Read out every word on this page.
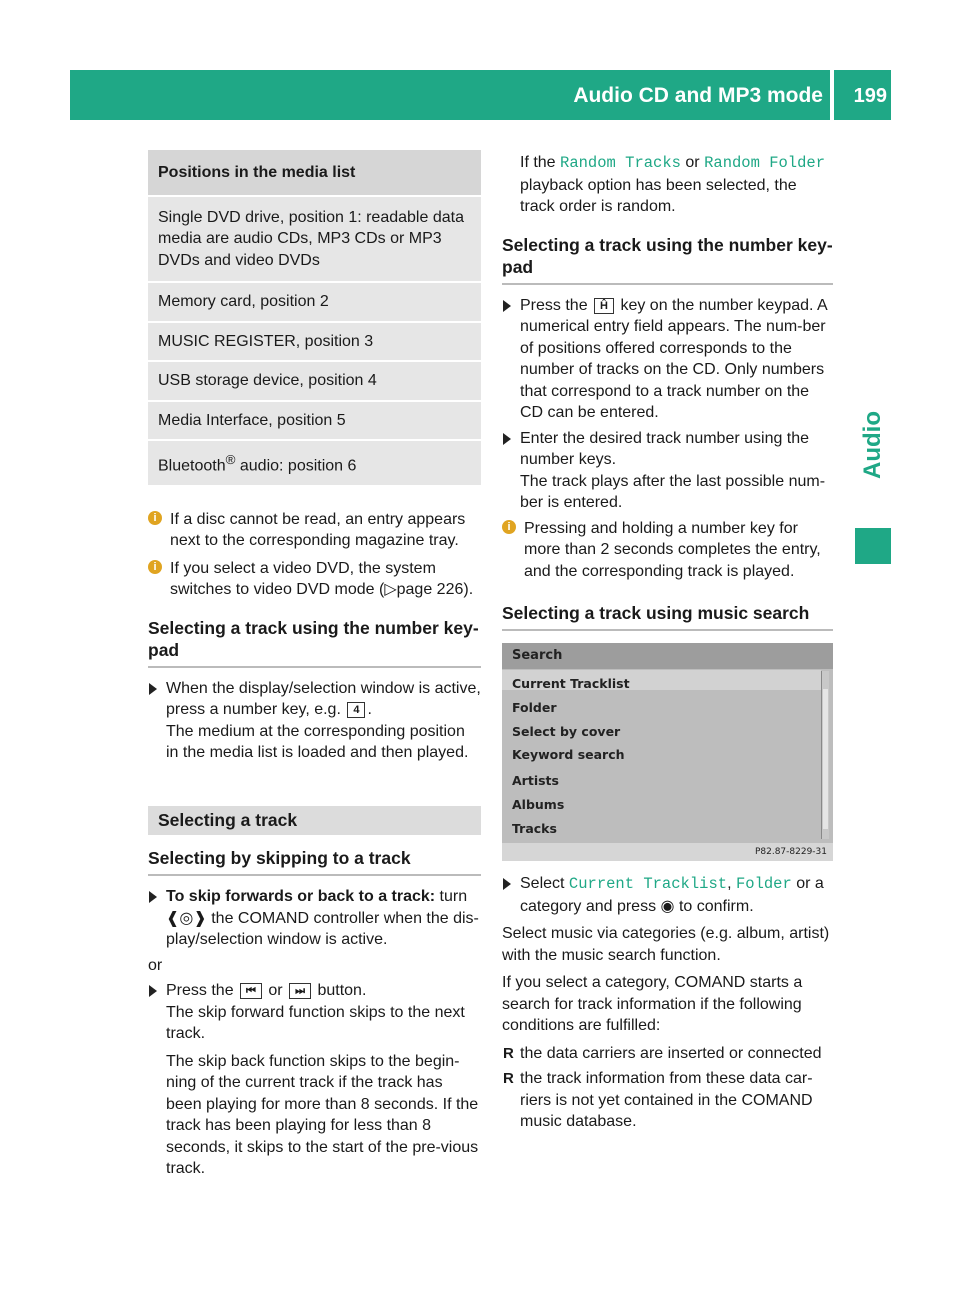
Audio CD and MP3 mode 199
Audio
Positions in the media list
Single DVD drive, position 1: readable data media are audio CDs, MP3 CDs or MP3 DVDs and video DVDs
Memory card, position 2
MUSIC REGISTER, position 3
USB storage device, position 4
Media Interface, position 5
Bluetooth® audio: position 6

i If a disc cannot be read, an entry appears next to the corresponding magazine tray.

i If you select a video DVD, the system switches to video DVD mode (▷page 226).

Selecting a track using the number key-pad

When the display/selection window is active, press a number key, e.g. 4 .
The medium at the corresponding position in the media list is loaded and then played.

Selecting a track

Selecting by skipping to a track

To skip forwards or back to a track: turn
❰◎❱ the COMAND controller when the dis-play/selection window is active.

or

Press the ⏮ or ⏭ button.
The skip forward function skips to the next track.

The skip back function skips to the begin-ning of the current track if the track has been playing for more than 8 seconds. If the track has been playing for less than 8 seconds, it skips to the start of the pre-vious track.

If the Random Tracks or Random Folder playback option has been selected, the track order is random.

Selecting a track using the number key-pad

Press the Ĥ key on the number keypad. A numerical entry field appears. The num-ber of positions offered corresponds to the number of tracks on the CD. Only numbers that correspond to a track number on the CD can be entered.

Enter the desired track number using the number keys.
The track plays after the last possible num-ber is entered.

i Pressing and holding a number key for more than 2 seconds completes the entry, and the corresponding track is played.

Selecting a track using music search
Search
Current Tracklist
Folder
Select by cover
Keyword search
Artists
Albums
Tracks
P82.87-8229-31

Select Current Tracklist, Folder or a category and press ◉ to confirm.

Select music via categories (e.g. album, artist) with the music search function.

If you select a category, COMAND starts a search for track information if the following conditions are fulfilled:

R the data carriers are inserted or connected

R the track information from these data car-riers is not yet contained in the COMAND music database.
